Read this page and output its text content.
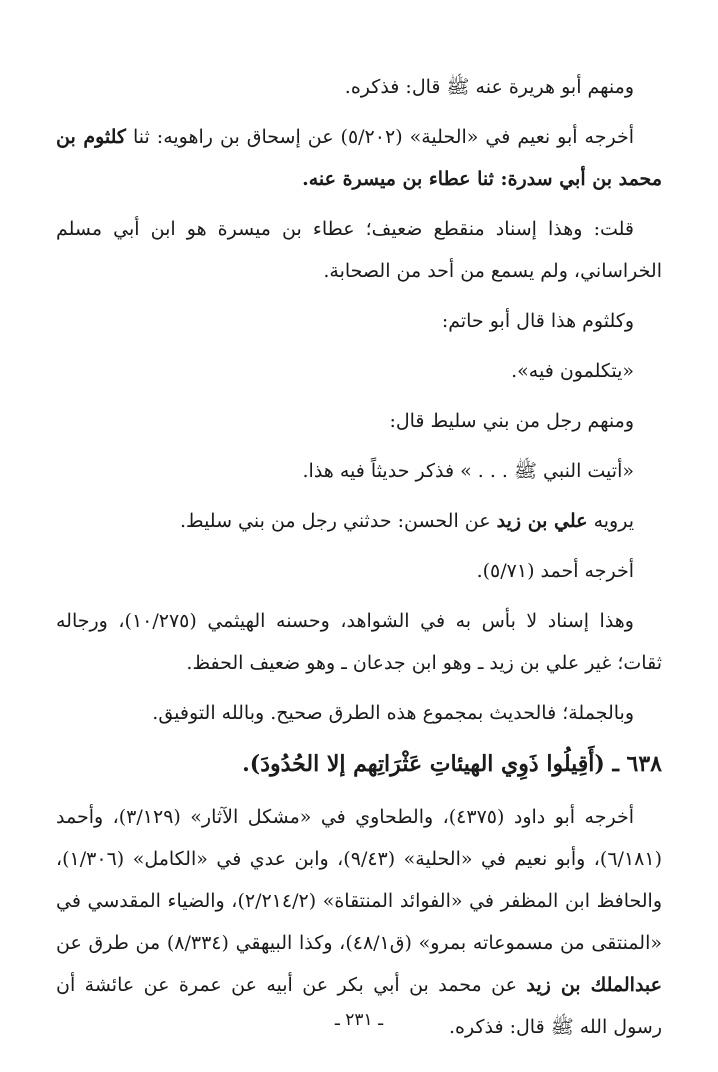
ومنهم أبو هريرة عنه ﷺ قال: فذكره.

أخرجه أبو نعيم في «الحلية» (٥/٢٠٢) عن إسحاق بن راهويه: ثنا كلثوم بن محمد بن أبي سدرة: ثنا عطاء بن ميسرة عنه.

قلت: وهذا إسناد منقطع ضعيف؛ عطاء بن ميسرة هو ابن أبي مسلم الخراساني، ولم يسمع من أحد من الصحابة.

وكلثوم هذا قال أبو حاتم:

«يتكلمون فيه».

ومنهم رجل من بني سليط قال:

«أتيت النبي ﷺ . . . » فذكر حديثاً فيه هذا.

يرويه علي بن زيد عن الحسن: حدثني رجل من بني سليط.

أخرجه أحمد (٥/٧١).

وهذا إسناد لا بأس به في الشواهد، وحسنه الهيثمي (١٠/٢٧٥)، ورجاله ثقات؛ غير علي بن زيد ـ وهو ابن جدعان ـ وهو ضعيف الحفظ.

وبالجملة؛ فالحديث بمجموع هذه الطرق صحيح. وبالله التوفيق.

٦٣٨ ـ (أَقِيلُوا ذَوِي الهيئاتِ عَثْرَاتِهم إلا الحُدُودَ).

أخرجه أبو داود (٤٣٧٥)، والطحاوي في «مشكل الآثار» (٣/١٢٩)، وأحمد (٦/١٨١)، وأبو نعيم في «الحلية» (٩/٤٣)، وابن عدي في «الكامل» (١/٣٠٦)، والحافظ ابن المظفر في «الفوائد المنتقاة» (٢/٢١٤/٢)، والضياء المقدسي في «المنتقى من مسموعاته بمرو» (ق٤٨/١)، وكذا البيهقي (٨/٣٣٤) من طرق عن عبدالملك بن زيد عن محمد بن أبي بكر عن أبيه عن عمرة عن عائشة أن رسول الله ﷺ قال: فذكره.

ـ ٢٣١ ـ
